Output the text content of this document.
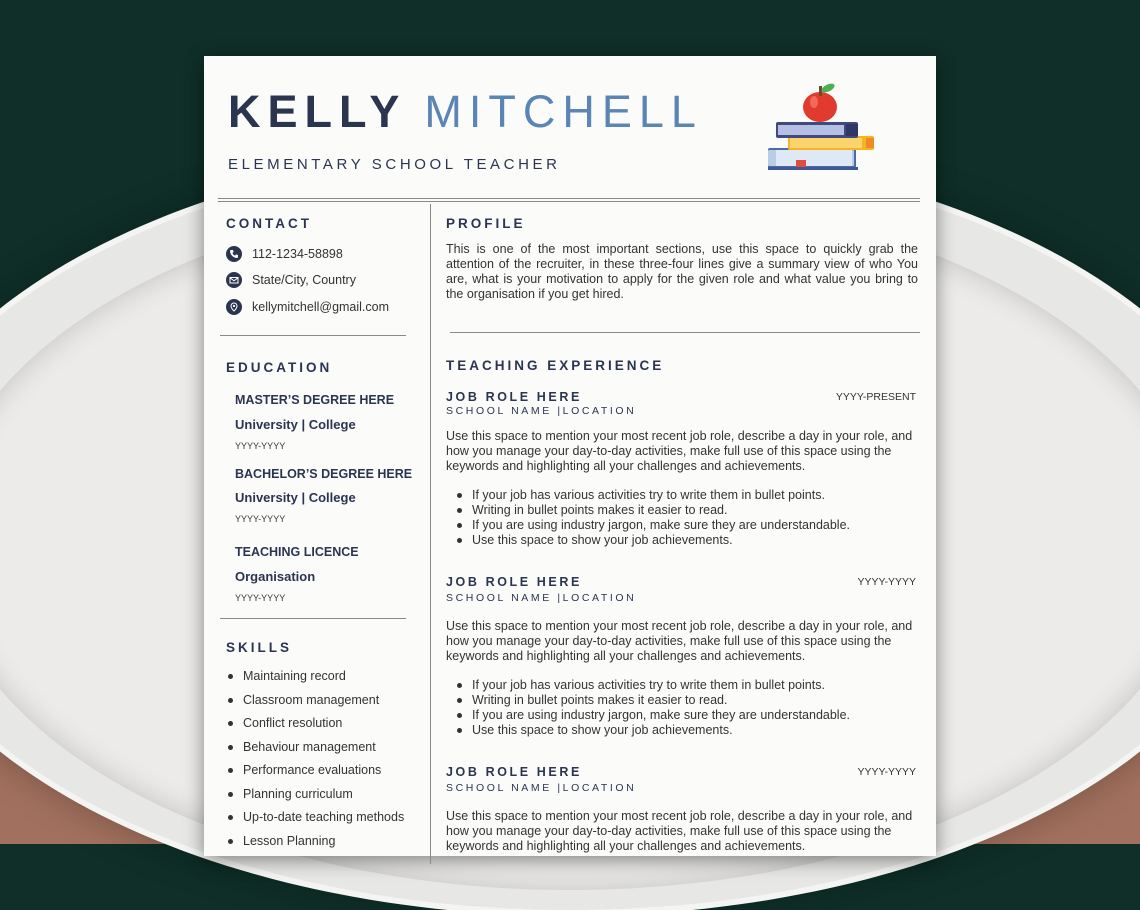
KELLY MITCHELL
ELEMENTARY SCHOOL TEACHER
CONTACT
112-1234-58898
State/City, Country
kellymitchell@gmail.com
EDUCATION
MASTER’S DEGREE HERE
University | College
YYYY-YYYY
BACHELOR’S DEGREE HERE
University | College
YYYY-YYYY
TEACHING LICENCE
Organisation
YYYY-YYYY
SKILLS
Maintaining record
Classroom management
Conflict resolution
Behaviour management
Performance evaluations
Planning curriculum
Up-to-date teaching methods
Lesson Planning
PROFILE

This is one of the most important sections, use this space to quickly grab the attention of the recruiter, in these three-four lines give a summary view of who You are, what is your motivation to apply for the given role and what value you bring to the organisation if you get hired.

TEACHING EXPERIENCE
JOB ROLE HERE	YYYY-PRESENT
SCHOOL NAME |LOCATION

Use this space to mention your most recent job role, describe a day in your role, and how you manage your day-to-day activities, make full use of this space using the keywords and highlighting all your challenges and achievements.

If your job has various activities try to write them in bullet points.
Writing in bullet points makes it easier to read.
If you are using industry jargon, make sure they are understandable.
Use this space to show your job achievements.
JOB ROLE HERE	YYYY-YYYY
SCHOOL NAME |LOCATION

Use this space to mention your most recent job role, describe a day in your role, and how you manage your day-to-day activities, make full use of this space using the keywords and highlighting all your challenges and achievements.

If your job has various activities try to write them in bullet points.
Writing in bullet points makes it easier to read.
If you are using industry jargon, make sure they are understandable.
Use this space to show your job achievements.
JOB ROLE HERE	YYYY-YYYY
SCHOOL NAME |LOCATION

Use this space to mention your most recent job role, describe a day in your role, and how you manage your day-to-day activities, make full use of this space using the keywords and highlighting all your challenges and achievements.
